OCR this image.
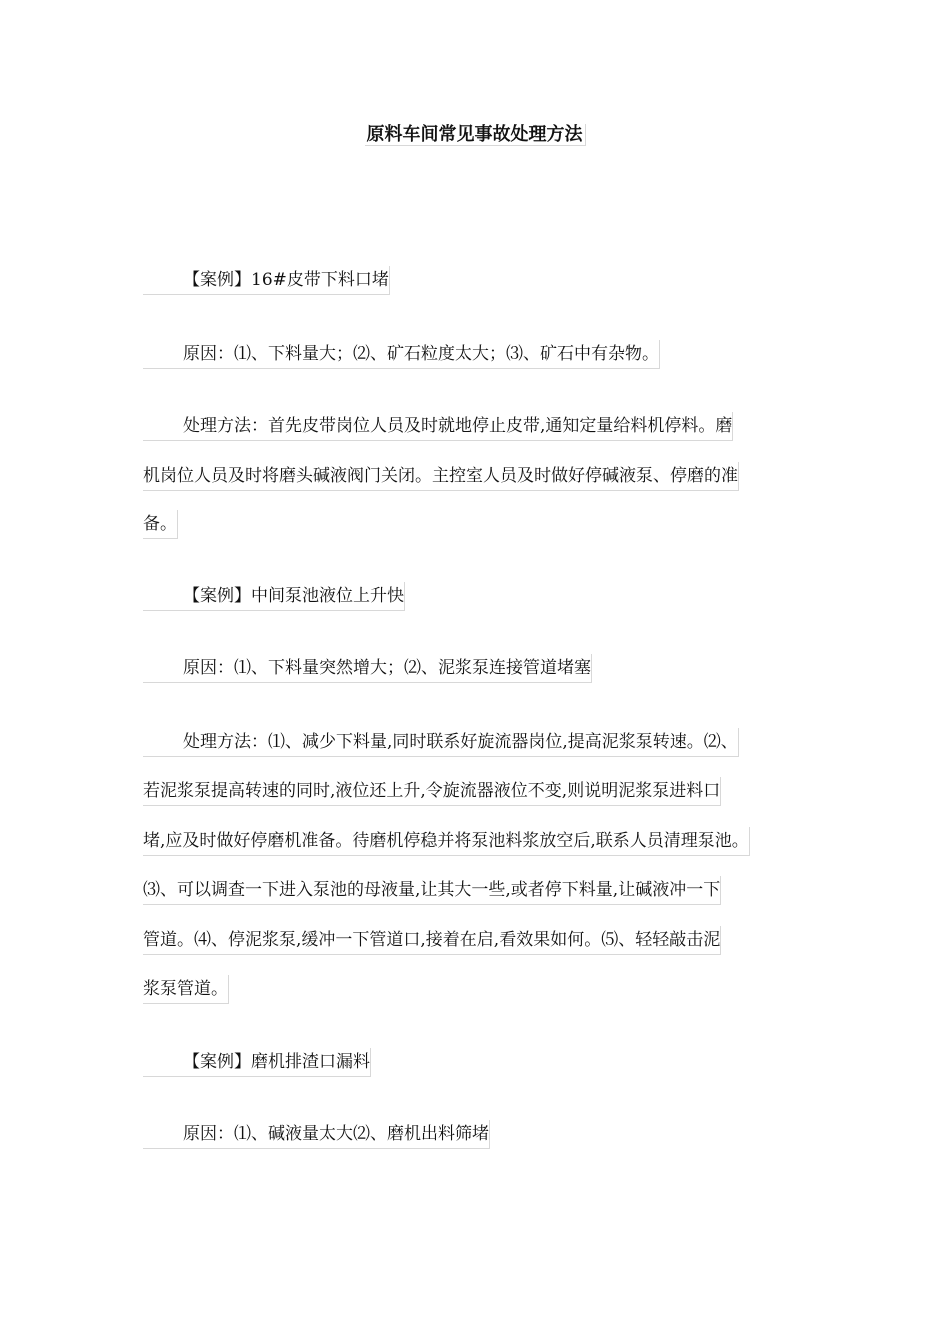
原料车间常见事故处理方法
【案例】16#皮带下料口堵
原因：⑴、下料量大；⑵、矿石粒度太大；⑶、矿石中有杂物。
处理方法：首先皮带岗位人员及时就地停止皮带,通知定量给料机停料。磨
机岗位人员及时将磨头碱液阀门关闭。主控室人员及时做好停碱液泵、停磨的准
备。
【案例】中间泵池液位上升快
原因：⑴、下料量突然增大；⑵、泥浆泵连接管道堵塞
处理方法：⑴、减少下料量,同时联系好旋流器岗位,提高泥浆泵转速。⑵、
若泥浆泵提高转速的同时,液位还上升,令旋流器液位不变,则说明泥浆泵进料口
堵,应及时做好停磨机准备。待磨机停稳并将泵池料浆放空后,联系人员清理泵池。
⑶、可以调查一下进入泵池的母液量,让其大一些,或者停下料量,让碱液冲一下
管道。⑷、停泥浆泵,缓冲一下管道口,接着在启,看效果如何。⑸、轻轻敲击泥
浆泵管道。
【案例】磨机排渣口漏料
原因：⑴、碱液量太大⑵、磨机出料筛堵
